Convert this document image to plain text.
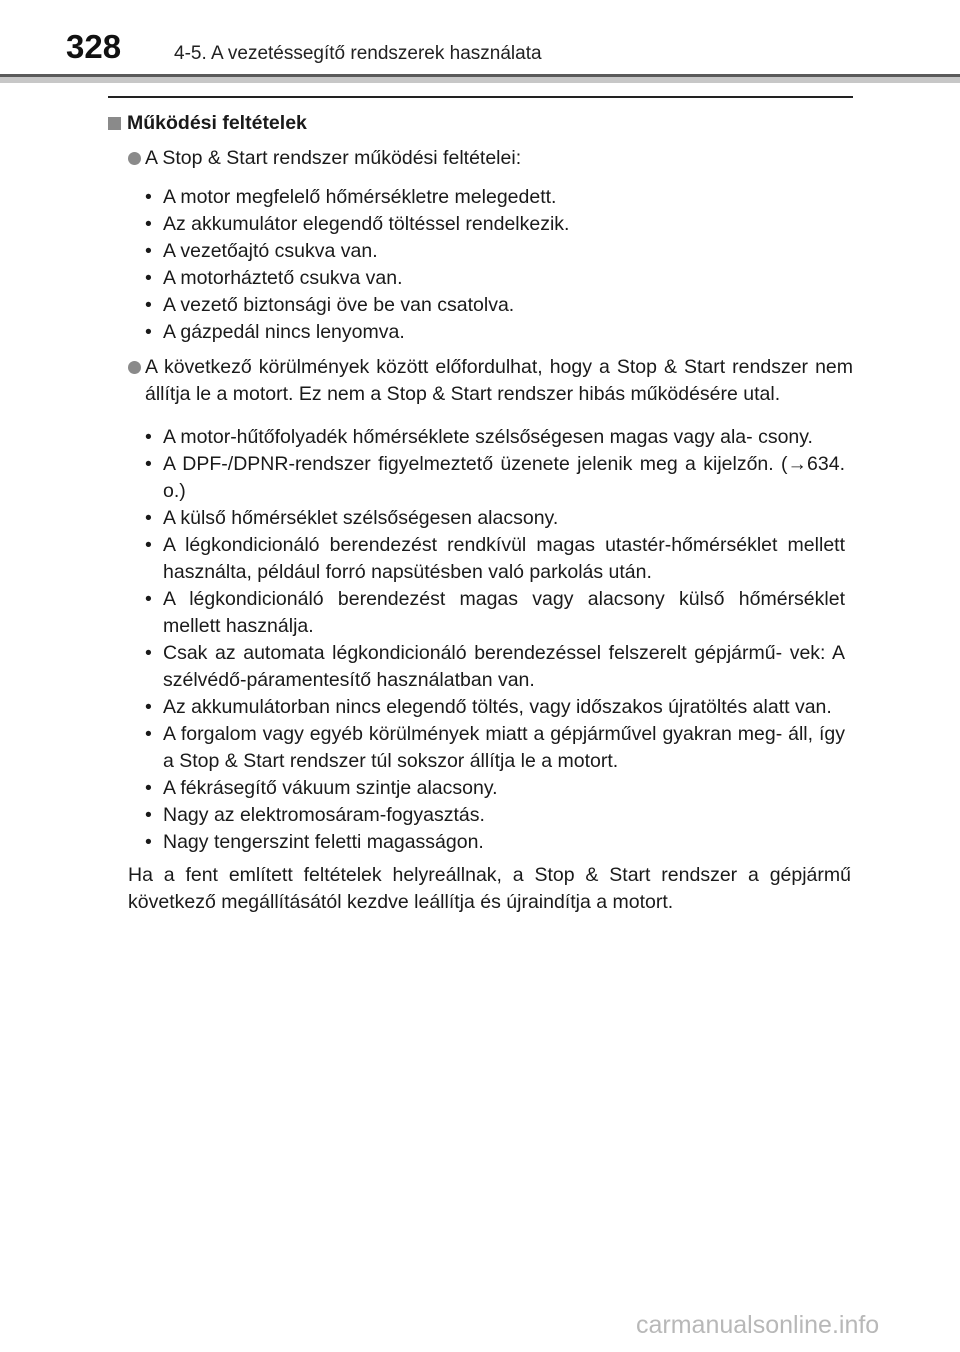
328	4-5. A vezetéssegítő rendszerek használata
Működési feltételek
A Stop & Start rendszer működési feltételei:
• A motor megfelelő hőmérsékletre melegedett.
• Az akkumulátor elegendő töltéssel rendelkezik.
• A vezetőajtó csukva van.
• A motorháztető csukva van.
• A vezető biztonsági öve be van csatolva.
• A gázpedál nincs lenyomva.
A következő körülmények között előfordulhat, hogy a Stop & Start rendszer nem állítja le a motort. Ez nem a Stop & Start rendszer hibás működésére utal.
• A motor-hűtőfolyadék hőmérséklete szélsőségesen magas vagy ala- csony.
• A DPF-/DPNR-rendszer figyelmeztető üzenete jelenik meg a kijelzőn. (→634. o.)
• A külső hőmérséklet szélsőségesen alacsony.
• A légkondicionáló berendezést rendkívül magas utastér-hőmérséklet mellett használta, például forró napsütésben való parkolás után.
• A légkondicionáló berendezést magas vagy alacsony külső hőmérséklet mellett használja.
• Csak az automata légkondicionáló berendezéssel felszerelt gépjármű- vek: A szélvédő-páramentesítő használatban van.
• Az akkumulátorban nincs elegendő töltés, vagy időszakos újratöltés alatt van.
• A forgalom vagy egyéb körülmények miatt a gépjárművel gyakran meg- áll, így a Stop & Start rendszer túl sokszor állítja le a motort.
• A fékrásegítő vákuum szintje alacsony.
• Nagy az elektromosáram-fogyasztás.
• Nagy tengerszint feletti magasságon.
Ha a fent említett feltételek helyreállnak, a Stop & Start rendszer a gépjármű következő megállításától kezdve leállítja és újraindítja a motort.
carmanualsonline.info
